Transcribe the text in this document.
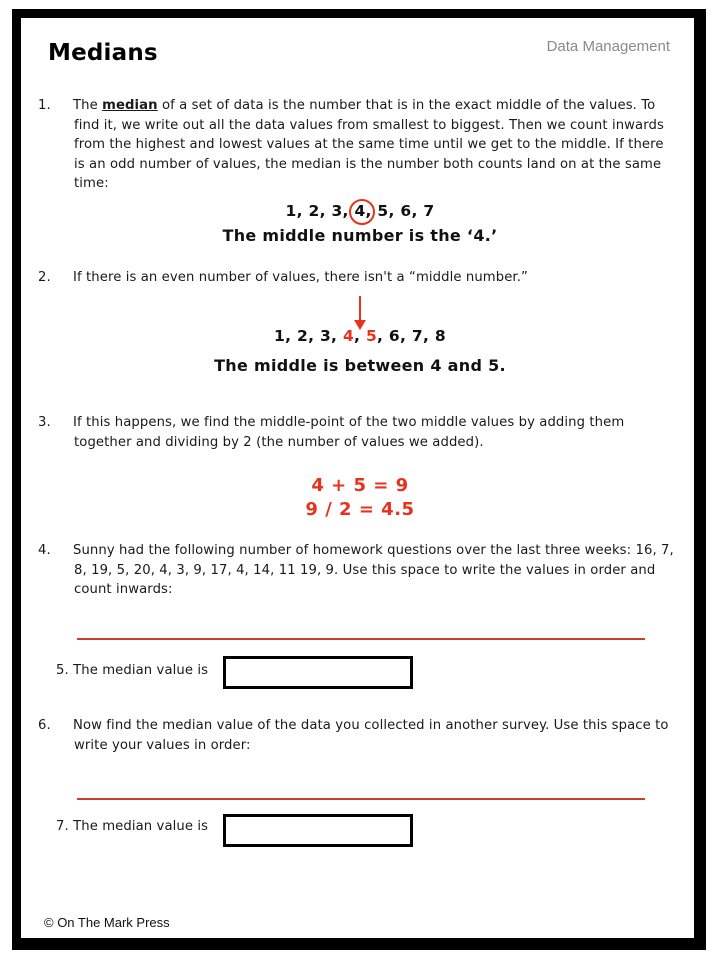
Medians	Data Management
1. The median of a set of data is the number that is in the exact middle of the values. To find it, we write out all the data values from smallest to biggest. Then we count inwards from the highest and lowest values at the same time until we get to the middle. If there is an odd number of values, the median is the number both counts land on at the same time:
1, 2, 3, 4, 5, 6, 7
The middle number is the ‘4.’
2. If there is an even number of values, there isn't a “middle number.”
1, 2, 3, 4, 5, 6, 7, 8
The middle is between 4 and 5.
3. If this happens, we find the middle-point of the two middle values by adding them together and dividing by 2 (the number of values we added).
4 + 5 = 9
9 / 2 = 4.5
4. Sunny had the following number of homework questions over the last three weeks: 16, 7, 8, 19, 5, 20, 4, 3, 9, 17, 4, 14, 11 19, 9. Use this space to write the values in order and count inwards:
5. The median value is
6. Now find the median value of the data you collected in another survey. Use this space to write your values in order:
7. The median value is
© On The Mark Press
